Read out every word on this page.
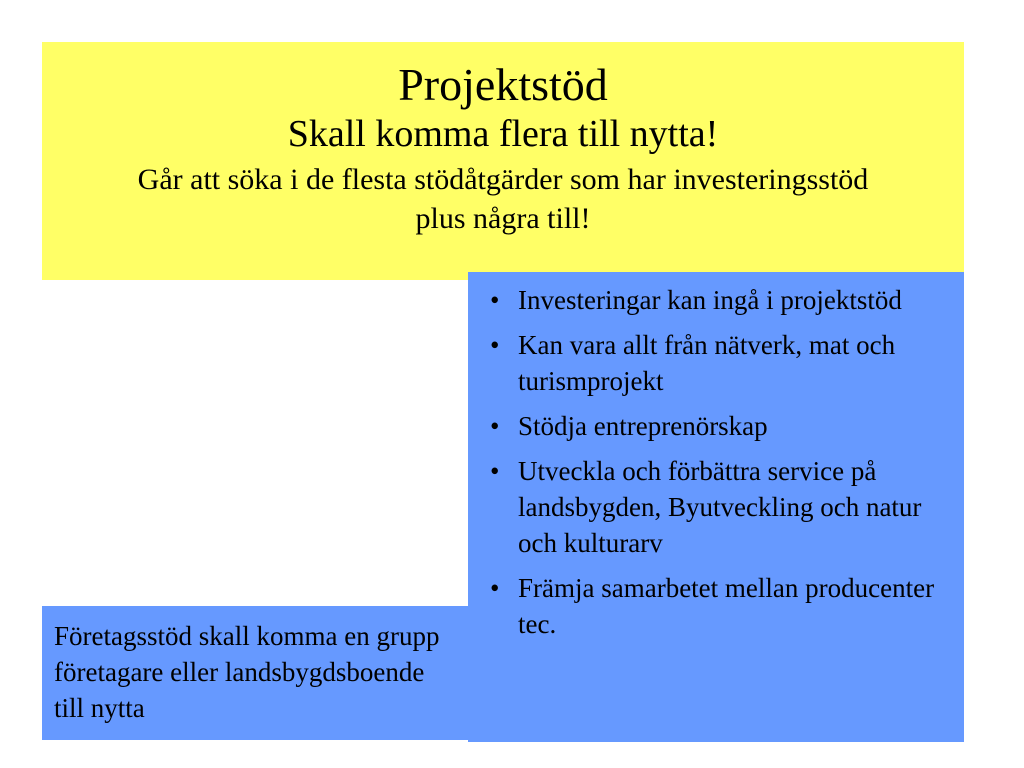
Projektstöd
Skall komma flera till nytta!
Går att söka i de flesta stödåtgärder som har investeringsstöd plus några till!
• Investeringar kan ingå i projektstöd
• Kan vara allt från nätverk, mat och turismprojekt
• Stödja entreprenörskap
• Utveckla och förbättra service på landsbygden, Byutveckling och natur och kulturarv
• Främja samarbetet mellan producenter tec.
Företagsstöd skall komma en grupp företagare eller landsbygdsboende till nytta
